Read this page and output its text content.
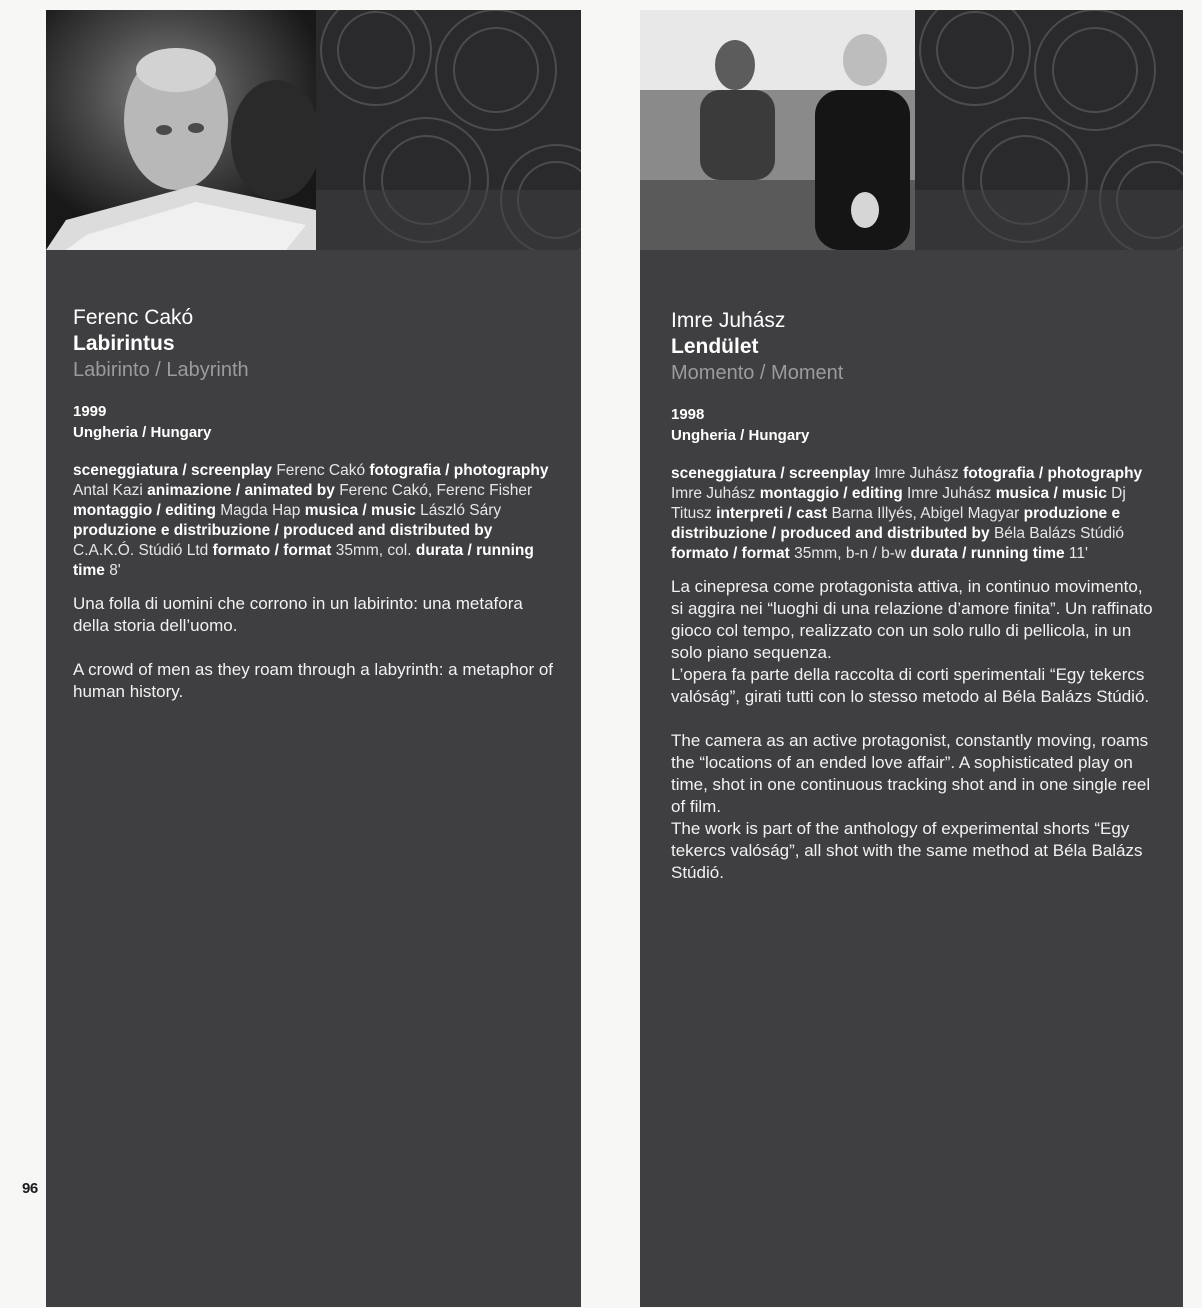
Ferenc Cakó
Labirintus
Labirinto / Labyrinth
1999
Ungheria / Hungary
sceneggiatura / screenplay Ferenc Cakó fotografia / photography Antal Kazi animazione / animated by Ferenc Cakó, Ferenc Fisher montaggio / editing Magda Hap musica / music László Sáry produzione e distribuzione / produced and distributed by C.A.K.Ó. Stúdió Ltd formato / format 35mm, col. durata / running time 8'

Una folla di uomini che corrono in un labirinto: una metafora della storia dell’uomo.

A crowd of men as they roam through a labyrinth: a metaphor of human history.

Imre Juhász
Lendület
Momento / Moment
1998
Ungheria / Hungary
sceneggiatura / screenplay Imre Juhász fotografia / photography Imre Juhász montaggio / editing Imre Juhász musica / music Dj Titusz interpreti / cast Barna Illyés, Abigel Magyar produzione e distribuzione / produced and distributed by Béla Balázs Stúdió formato / format 35mm, b-n / b-w durata / running time 11'

La cinepresa come protagonista attiva, in continuo movimento, si aggira nei “luoghi di una relazione d’amore finita”. Un raffinato gioco col tempo, realizzato con un solo rullo di pellicola, in un solo piano sequenza.

L’opera fa parte della raccolta di corti sperimentali “Egy tekercs valóság”, girati tutti con lo stesso metodo al Béla Balázs Stúdió.

The camera as an active protagonist, constantly moving, roams the “locations of an ended love affair”. A sophisticated play on time, shot in one continuous tracking shot and in one single reel of film.

The work is part of the anthology of experimental shorts “Egy tekercs valóság”, all shot with the same method at Béla Balázs Stúdió.

96
